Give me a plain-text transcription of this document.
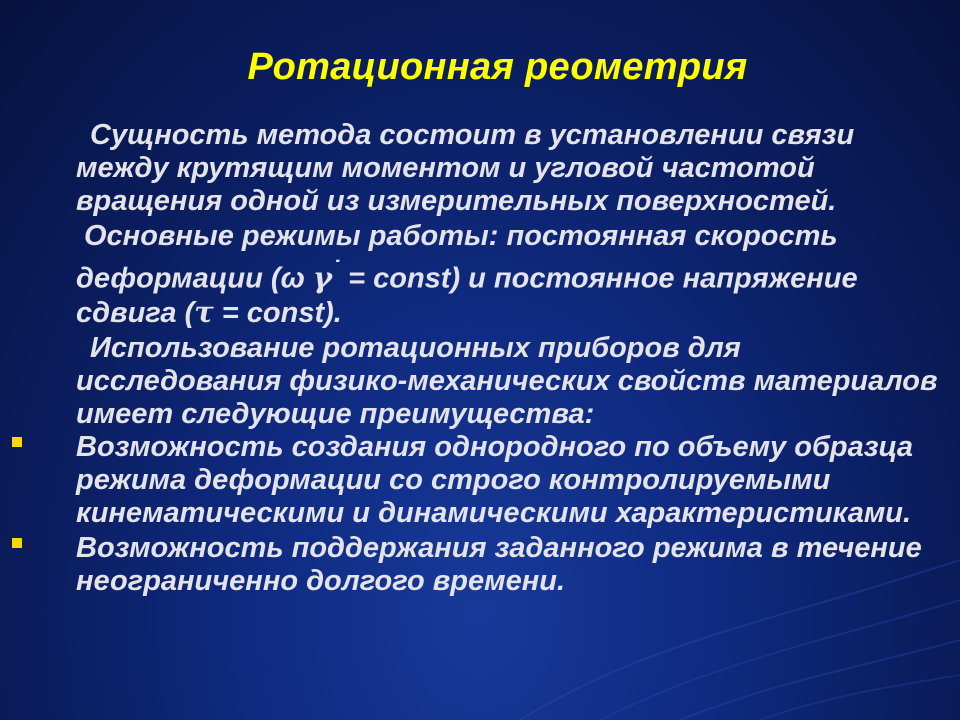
Ротационная реометрия

Сущность метода состоит в установлении связи между крутящим моментом и угловой частотой вращения одной из измерительных поверхностей.

Основные режимы работы: постоянная скорость деформации (ω γ˙ = const) и постоянное напряжение сдвига (τ = const).

Использование ротационных приборов для исследования физико-механических свойств материалов имеет следующие преимущества:

Возможность создания однородного по объему образца режима деформации со строго контролируемыми кинематическими и динамическими характеристиками.
Возможность поддержания заданного режима в течение неограниченно долгого времени.
